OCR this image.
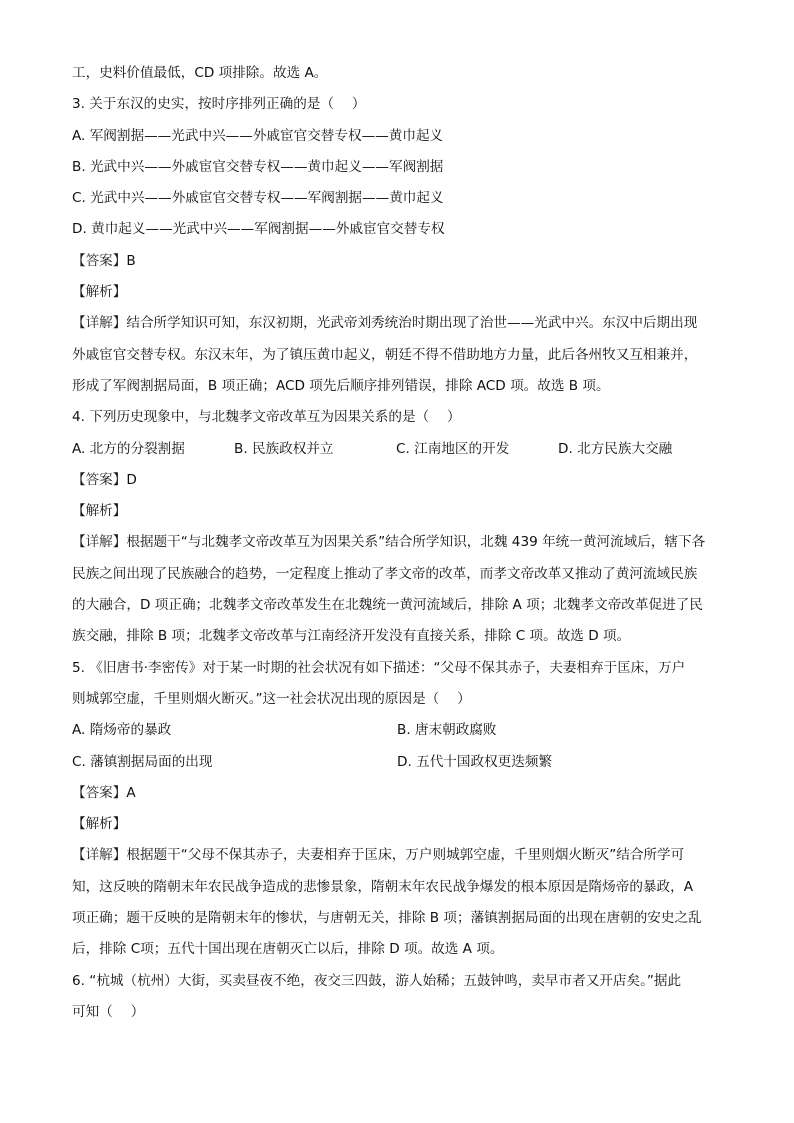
工，史料价值最低，CD 项排除。故选 A。
3. 关于东汉的史实，按时序排列正确的是（　 ）
A. 军阀割据——光武中兴——外戚宦官交替专权——黄巾起义
B. 光武中兴——外戚宦官交替专权——黄巾起义——军阀割据
C. 光武中兴——外戚宦官交替专权——军阀割据——黄巾起义
D. 黄巾起义——光武中兴——军阀割据——外戚宦官交替专权
【答案】B
【解析】
【详解】结合所学知识可知，东汉初期，光武帝刘秀统治时期出现了治世——光武中兴。东汉中后期出现
外戚宦官交替专权。东汉末年，为了镇压黄巾起义，朝廷不得不借助地方力量，此后各州牧又互相兼并，
形成了军阀割据局面，B 项正确；ACD 项先后顺序排列错误，排除 ACD 项。故选 B 项。
4. 下列历史现象中，与北魏孝文帝改革互为因果关系的是（　 ）
A. 北方的分裂割据	B. 民族政权并立	C. 江南地区的开发	D. 北方民族大交融
【答案】D
【解析】
【详解】根据题干“与北魏孝文帝改革互为因果关系”结合所学知识，北魏 439 年统一黄河流域后，辖下各
民族之间出现了民族融合的趋势，一定程度上推动了孝文帝的改革，而孝文帝改革又推动了黄河流域民族
的大融合，D 项正确；北魏孝文帝改革发生在北魏统一黄河流域后，排除 A 项；北魏孝文帝改革促进了民
族交融，排除 B 项；北魏孝文帝改革与江南经济开发没有直接关系，排除 C 项。故选 D 项。
5. 《旧唐书·李密传》对于某一时期的社会状况有如下描述：“父母不保其赤子，夫妻相弃于匡床，万户
则城郭空虚，千里则烟火断灭。”这一社会状况出现的原因是（　 ）
A. 隋炀帝的暴政	B. 唐末朝政腐败
C. 藩镇割据局面的出现	D. 五代十国政权更迭频繁
【答案】A
【解析】
【详解】根据题干“父母不保其赤子，夫妻相弃于匡床，万户则城郭空虚，千里则烟火断灭”结合所学可
知，这反映的隋朝末年农民战争造成的悲惨景象，隋朝末年农民战争爆发的根本原因是隋炀帝的暴政，A
项正确；题干反映的是隋朝末年的惨状，与唐朝无关，排除 B 项；藩镇割据局面的出现在唐朝的安史之乱
后，排除 C项；五代十国出现在唐朝灭亡以后，排除 D 项。故选 A 项。
6. “杭城（杭州）大街，买卖昼夜不绝，夜交三四鼓，游人始稀；五鼓钟鸣，卖早市者又开店矣。”据此
可知（　 ）
